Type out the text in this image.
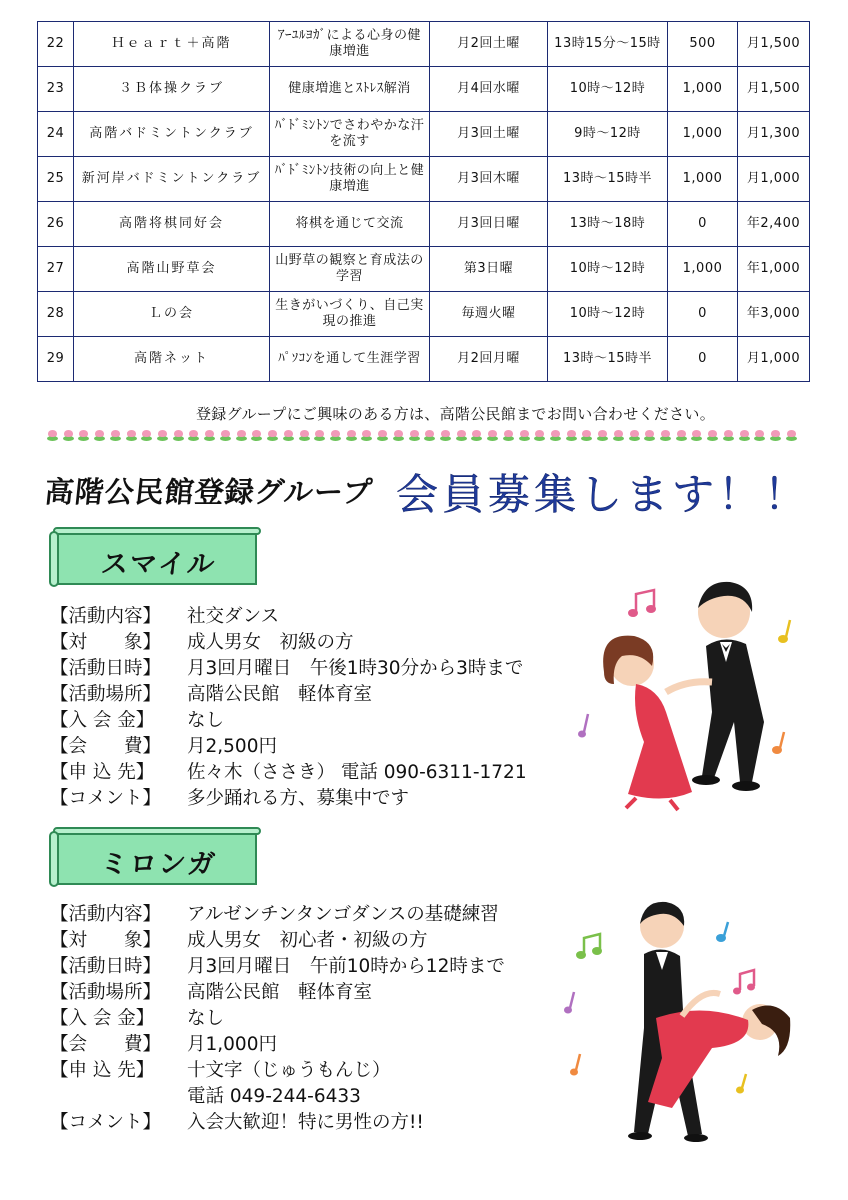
22	Ｈｅａｒｔ＋高階	ｱｰﾕﾙﾖｶﾞによる心身の健康増進	月2回土曜	13時15分～15時	500	月1,500
23	３Ｂ体操クラブ	健康増進とｽﾄﾚｽ解消	月4回水曜	10時～12時	1,000	月1,500
24	高階バドミントンクラブ	ﾊﾞﾄﾞﾐﾝﾄﾝでさわやかな汗を流す	月3回土曜	9時～12時	1,000	月1,300
25	新河岸バドミントンクラブ	ﾊﾞﾄﾞﾐﾝﾄﾝ技術の向上と健康増進	月3回木曜	13時～15時半	1,000	月1,000
26	高階将棋同好会	将棋を通じて交流	月3回日曜	13時～18時	0	年2,400
27	高階山野草会	山野草の観察と育成法の学習	第3日曜	10時～12時	1,000	年1,000
28	Ｌの会	生きがいづくり、自己実現の推進	毎週火曜	10時～12時	0	年3,000
29	高階ネット	ﾊﾟｿｺﾝを通して生涯学習	月2回月曜	13時～15時半	0	月1,000
登録グループにご興味のある方は、高階公民館までお問い合わせください。
高階公民館登録グループ 会員募集します！！
スマイル
【活動内容】	社交ダンス
【対　　象】	成人男女　初級の方
【活動日時】	月3回月曜日　午後1時30分から3時まで
【活動場所】	高階公民館　軽体育室
【入 会 金】	なし
【会　　費】	月2,500円
【申 込 先】	佐々木（ささき） 電話 090-6311-1721
【コメント】	多少踊れる方、募集中です
ミロンガ
【活動内容】	アルゼンチンタンゴダンスの基礎練習
【対　　象】	成人男女　初心者・初級の方
【活動日時】	月3回月曜日　午前10時から12時まで
【活動場所】	高階公民館　軽体育室
【入 会 金】	なし
【会　　費】	月1,000円
【申 込 先】	十文字（じゅうもんじ）
電話 049-244-6433
【コメント】	入会大歓迎！特に男性の方!!
